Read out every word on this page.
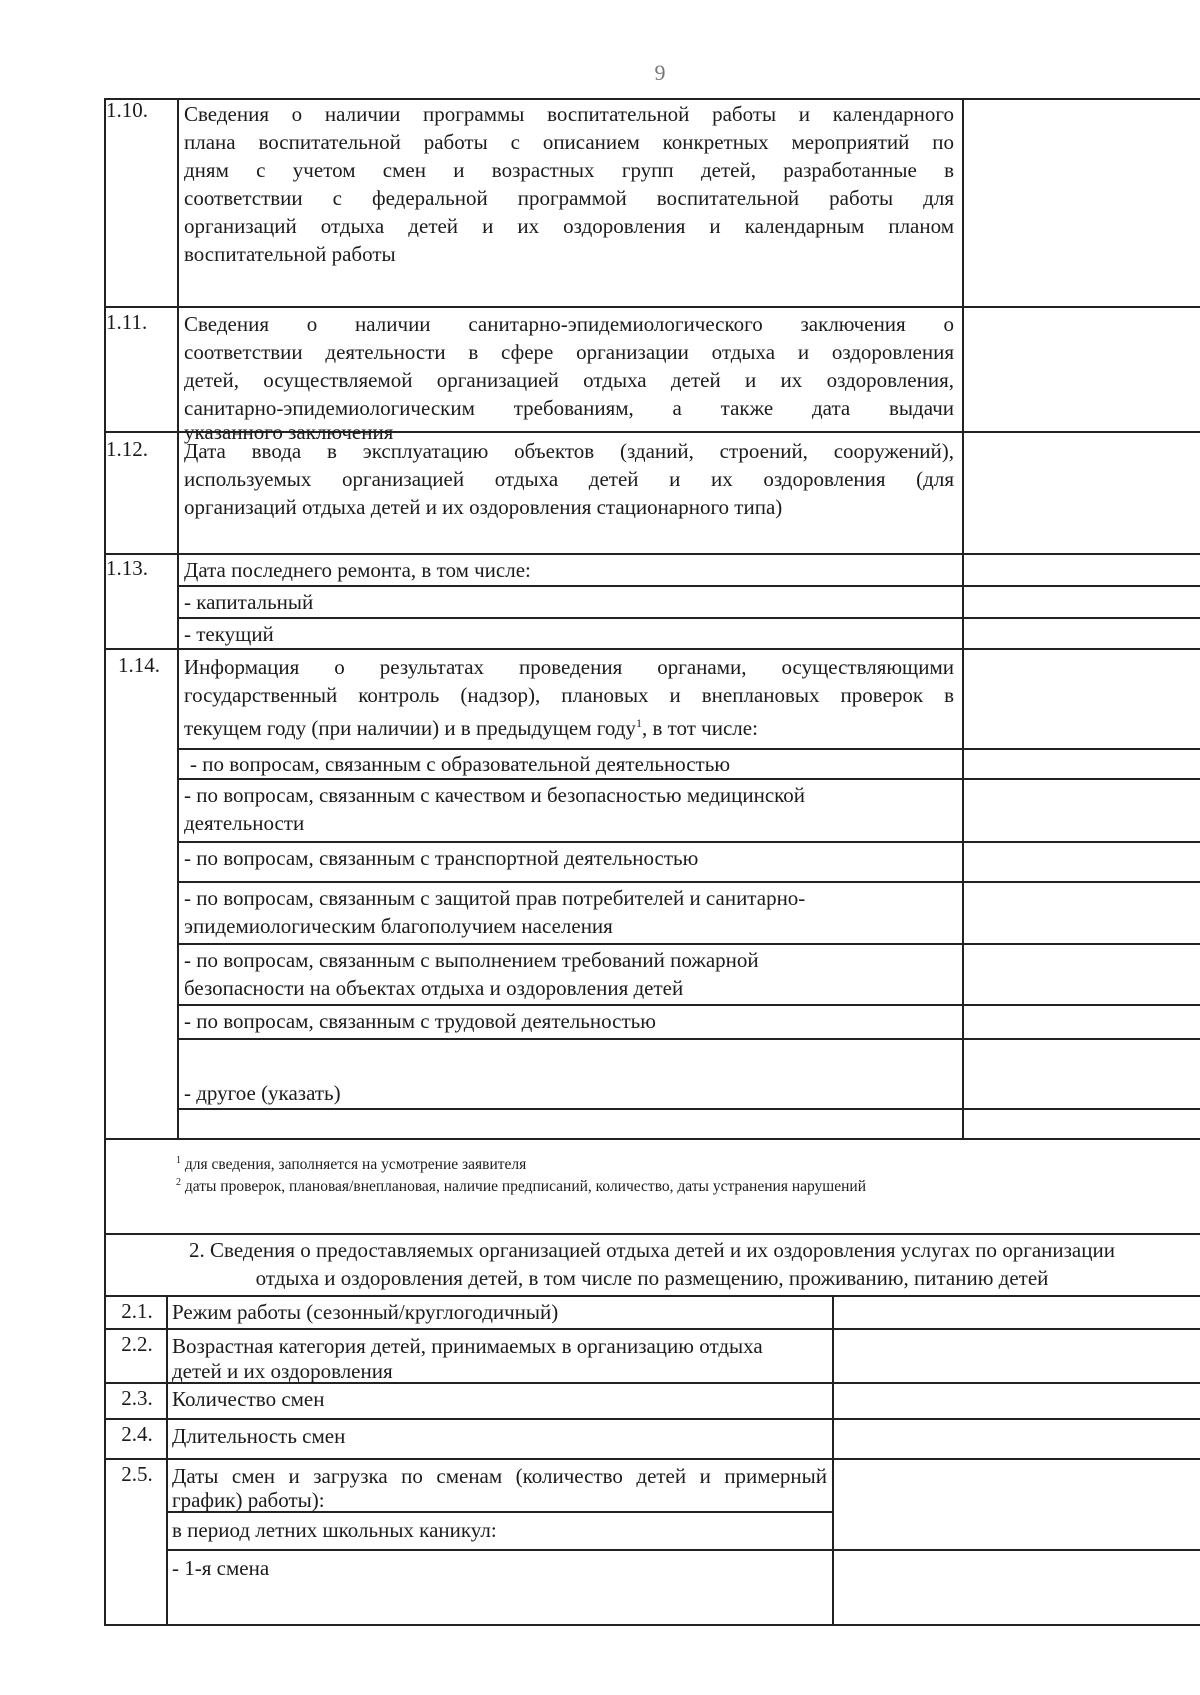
9
1.10.	Сведения о наличии программы воспитательной работы и календарного
плана воспитательной работы с описанием конкретных мероприятий по
дням с учетом смен и возрастных групп детей, разработанные в
соответствии с федеральной программой воспитательной работы для
организаций отдыха детей и их оздоровления и календарным планом
воспитательной работы
1.11.	Сведения о наличии санитарно-эпидемиологического заключения о
соответствии деятельности в сфере организации отдыха и оздоровления
детей, осуществляемой организацией отдыха детей и их оздоровления,
санитарно-эпидемиологическим требованиям, а также дата выдачи
указанного заключения
1.12.	Дата ввода в эксплуатацию объектов (зданий, строений, сооружений),
используемых организацией отдыха детей и их оздоровления (для
организаций отдыха детей и их оздоровления стационарного типа)
1.13.	Дата последнего ремонта, в том числе:
- капитальный
- текущий
1.14.	Информация о результатах проведения органами, осуществляющими
государственный контроль (надзор), плановых и внеплановых проверок в
текущем году (при наличии) и в предыдущем году$^1$, в тот числе:
- по вопросам, связанным с образовательной деятельностью
- по вопросам, связанным с качеством и безопасностью медицинской
деятельности
- по вопросам, связанным с транспортной деятельностью
- по вопросам, связанным с защитой прав потребителей и санитарно-
эпидемиологическим благополучием населения
- по вопросам, связанным с выполнением требований пожарной
безопасности на объектах отдыха и оздоровления детей
- по вопросам, связанным с трудовой деятельностью
- другое (указать)
$^1$ для сведения, заполняется на усмотрение заявителя
$^2$ даты проверок, плановая/внеплановая, наличие предписаний, количество, даты устранения нарушений
2. Сведения о предоставляемых организацией отдыха детей и их оздоровления услугах по организации
отдыха и оздоровления детей, в том числе по размещению, проживанию, питанию детей
2.1. Режим работы (сезонный/круглогодичный)
2.2. Возрастная категория детей, принимаемых в организацию отдыха
детей и их оздоровления
2.3. Количество смен
2.4. Длительность смен
2.5. Даты смен и загрузка по сменам (количество детей и примерный
график) работы):
в период летних школьных каникул:
- 1-я смена
